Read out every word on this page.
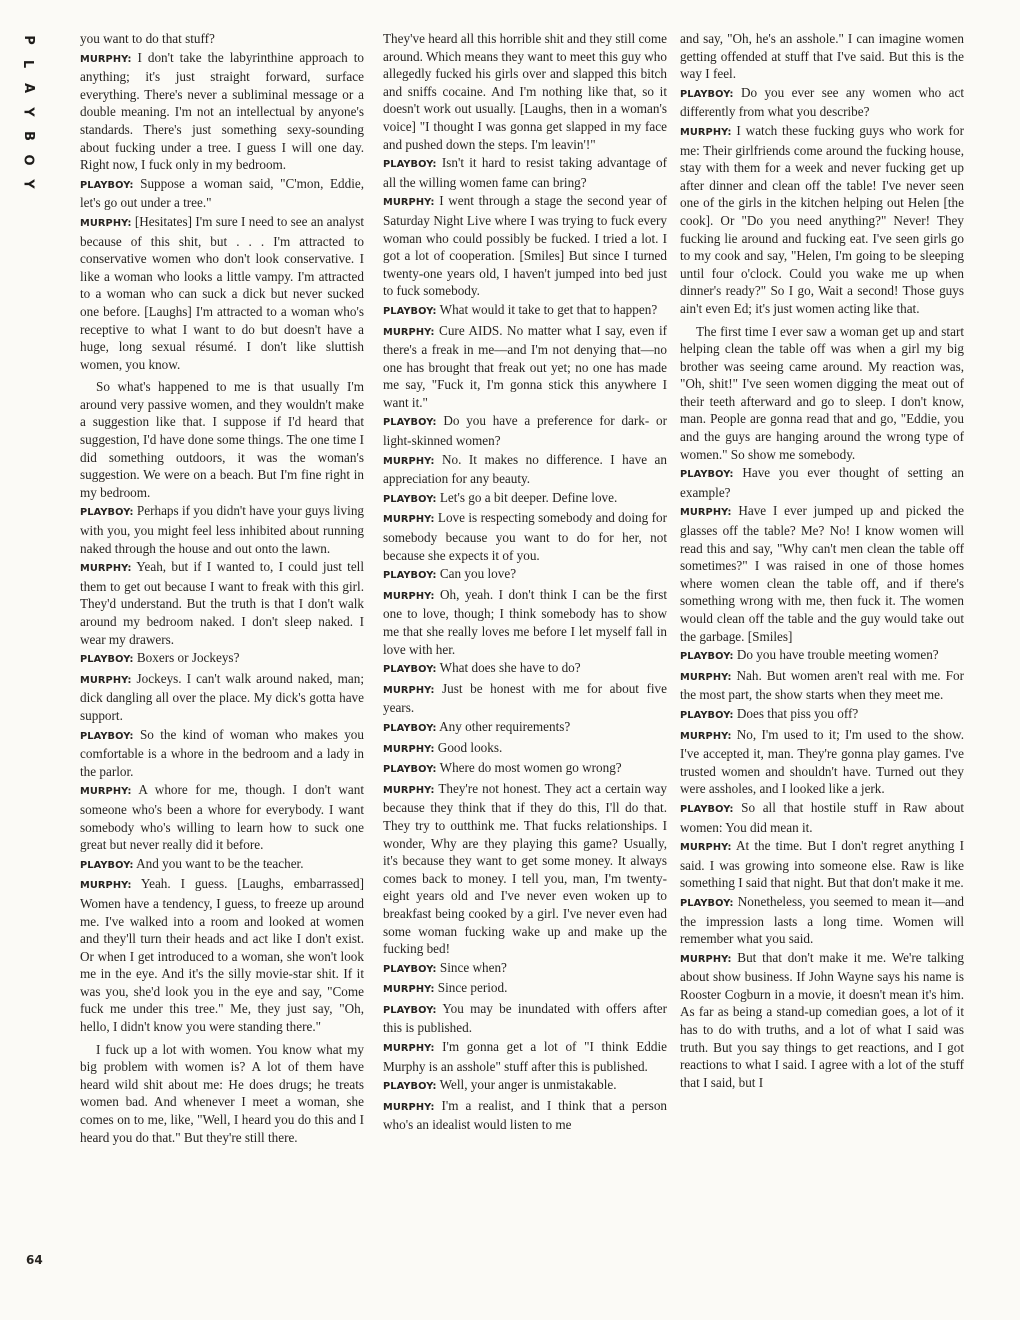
P
L
A
Y
B
O
Y
64

you want to do that stuff?

MURPHY: I don't take the labyrinthine approach to anything; it's just straight forward, surface everything. There's never a subliminal message or a double meaning. I'm not an intellectual by anyone's standards. There's just something sexy-sounding about fucking under a tree. I guess I will one day. Right now, I fuck only in my bedroom.

PLAYBOY: Suppose a woman said, "C'mon, Eddie, let's go out under a tree."

MURPHY: [Hesitates] I'm sure I need to see an analyst because of this shit, but . . . I'm attracted to conservative women who don't look conservative. I like a woman who looks a little vampy. I'm attracted to a woman who can suck a dick but never sucked one before. [Laughs] I'm attracted to a woman who's receptive to what I want to do but doesn't have a huge, long sexual résumé. I don't like sluttish women, you know.

So what's happened to me is that usually I'm around very passive women, and they wouldn't make a suggestion like that. I suppose if I'd heard that suggestion, I'd have done some things. The one time I did something outdoors, it was the woman's suggestion. We were on a beach. But I'm fine right in my bedroom.

PLAYBOY: Perhaps if you didn't have your guys living with you, you might feel less inhibited about running naked through the house and out onto the lawn.

MURPHY: Yeah, but if I wanted to, I could just tell them to get out because I want to freak with this girl. They'd understand. But the truth is that I don't walk around my bedroom naked. I don't sleep naked. I wear my drawers.

PLAYBOY: Boxers or Jockeys?

MURPHY: Jockeys. I can't walk around naked, man; dick dangling all over the place. My dick's gotta have support.

PLAYBOY: So the kind of woman who makes you comfortable is a whore in the bedroom and a lady in the parlor.

MURPHY: A whore for me, though. I don't want someone who's been a whore for everybody. I want somebody who's willing to learn how to suck one great but never really did it before.

PLAYBOY: And you want to be the teacher.

MURPHY: Yeah. I guess. [Laughs, embarrassed] Women have a tendency, I guess, to freeze up around me. I've walked into a room and looked at women and they'll turn their heads and act like I don't exist. Or when I get introduced to a woman, she won't look me in the eye. And it's the silly movie-star shit. If it was you, she'd look you in the eye and say, "Come fuck me under this tree." Me, they just say, "Oh, hello, I didn't know you were standing there."

I fuck up a lot with women. You know what my big problem with women is? A lot of them have heard wild shit about me: He does drugs; he treats women bad. And whenever I meet a woman, she comes on to me, like, "Well, I heard you do this and I heard you do that." But they're still there.

They've heard all this horrible shit and they still come around. Which means they want to meet this guy who allegedly fucked his girls over and slapped this bitch and sniffs cocaine. And I'm nothing like that, so it doesn't work out usually. [Laughs, then in a woman's voice] "I thought I was gonna get slapped in my face and pushed down the steps. I'm leavin'!"

PLAYBOY: Isn't it hard to resist taking advantage of all the willing women fame can bring?

MURPHY: I went through a stage the second year of Saturday Night Live where I was trying to fuck every woman who could possibly be fucked. I tried a lot. I got a lot of cooperation. [Smiles] But since I turned twenty-one years old, I haven't jumped into bed just to fuck somebody.

PLAYBOY: What would it take to get that to happen?

MURPHY: Cure AIDS. No matter what I say, even if there's a freak in me—and I'm not denying that—no one has brought that freak out yet; no one has made me say, "Fuck it, I'm gonna stick this anywhere I want it."

PLAYBOY: Do you have a preference for dark- or light-skinned women?

MURPHY: No. It makes no difference. I have an appreciation for any beauty.

PLAYBOY: Let's go a bit deeper. Define love.

MURPHY: Love is respecting somebody and doing for somebody because you want to do for her, not because she expects it of you.

PLAYBOY: Can you love?

MURPHY: Oh, yeah. I don't think I can be the first one to love, though; I think somebody has to show me that she really loves me before I let myself fall in love with her.

PLAYBOY: What does she have to do?

MURPHY: Just be honest with me for about five years.

PLAYBOY: Any other requirements?

MURPHY: Good looks.

PLAYBOY: Where do most women go wrong?

MURPHY: They're not honest. They act a certain way because they think that if they do this, I'll do that. They try to outthink me. That fucks relationships. I wonder, Why are they playing this game? Usually, it's because they want to get some money. It always comes back to money. I tell you, man, I'm twenty-eight years old and I've never even woken up to breakfast being cooked by a girl. I've never even had some woman fucking wake up and make up the fucking bed!

PLAYBOY: Since when?

MURPHY: Since period.

PLAYBOY: You may be inundated with offers after this is published.

MURPHY: I'm gonna get a lot of "I think Eddie Murphy is an asshole" stuff after this is published.

PLAYBOY: Well, your anger is unmistakable.

MURPHY: I'm a realist, and I think that a person who's an idealist would listen to me

and say, "Oh, he's an asshole." I can imagine women getting offended at stuff that I've said. But this is the way I feel.

PLAYBOY: Do you ever see any women who act differently from what you describe?

MURPHY: I watch these fucking guys who work for me: Their girlfriends come around the fucking house, stay with them for a week and never fucking get up after dinner and clean off the table! I've never seen one of the girls in the kitchen helping out Helen [the cook]. Or "Do you need anything?" Never! They fucking lie around and fucking eat. I've seen girls go to my cook and say, "Helen, I'm going to be sleeping until four o'clock. Could you wake me up when dinner's ready?" So I go, Wait a second! Those guys ain't even Ed; it's just women acting like that.

The first time I ever saw a woman get up and start helping clean the table off was when a girl my big brother was seeing came around. My reaction was, "Oh, shit!" I've seen women digging the meat out of their teeth afterward and go to sleep. I don't know, man. People are gonna read that and go, "Eddie, you and the guys are hanging around the wrong type of women." So show me somebody.

PLAYBOY: Have you ever thought of setting an example?

MURPHY: Have I ever jumped up and picked the glasses off the table? Me? No! I know women will read this and say, "Why can't men clean the table off sometimes?" I was raised in one of those homes where women clean the table off, and if there's something wrong with me, then fuck it. The women would clean off the table and the guy would take out the garbage. [Smiles]

PLAYBOY: Do you have trouble meeting women?

MURPHY: Nah. But women aren't real with me. For the most part, the show starts when they meet me.

PLAYBOY: Does that piss you off?

MURPHY: No, I'm used to it; I'm used to the show. I've accepted it, man. They're gonna play games. I've trusted women and shouldn't have. Turned out they were assholes, and I looked like a jerk.

PLAYBOY: So all that hostile stuff in Raw about women: You did mean it.

MURPHY: At the time. But I don't regret anything I said. I was growing into someone else. Raw is like something I said that night. But that don't make it me.

PLAYBOY: Nonetheless, you seemed to mean it—and the impression lasts a long time. Women will remember what you said.

MURPHY: But that don't make it me. We're talking about show business. If John Wayne says his name is Rooster Cogburn in a movie, it doesn't mean it's him. As far as being a stand-up comedian goes, a lot of it has to do with truths, and a lot of what I said was truth. But you say things to get reactions, and I got reactions to what I said. I agree with a lot of the stuff that I said, but I
